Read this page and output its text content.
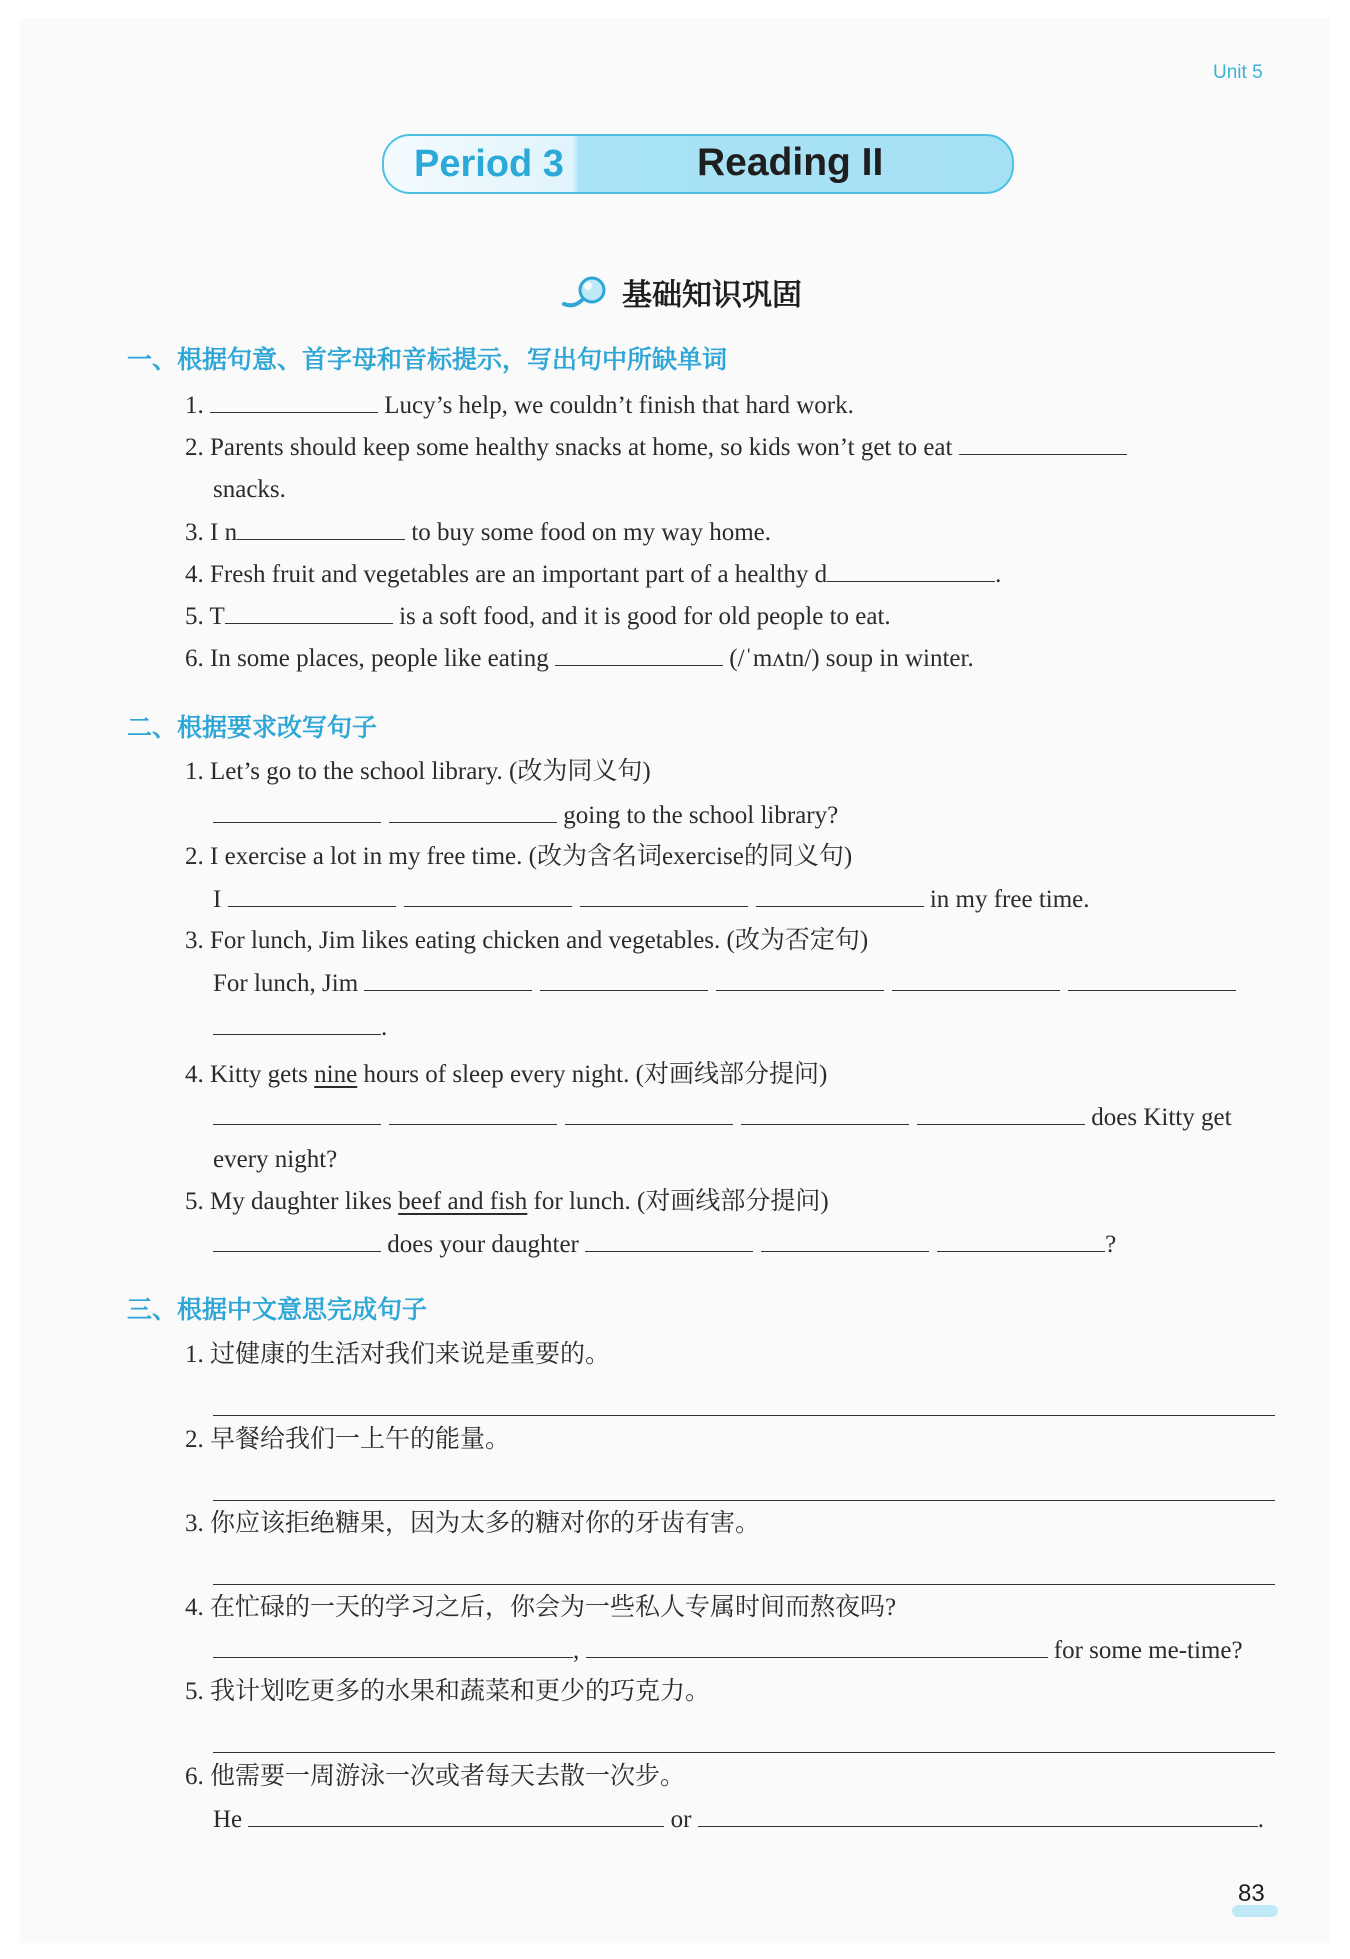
Unit 5
Period 3	Reading II
基础知识巩固
一、根据句意、首字母和音标提示，写出句中所缺单词
1.	Lucy’s help, we couldn’t finish that hard work.
2. Parents should keep some healthy snacks at home, so kids won’t get to eat
snacks.
3. I n	to buy some food on my way home.
4. Fresh fruit and vegetables are an important part of a healthy d	.
5. T	is a soft food, and it is good for old people to eat.
6. In some places, people like eating	(/ˈmʌtn/) soup in winter.
二、根据要求改写句子
1. Let’s go to the school library. (改为同义句)
going to the school library?
2. I exercise a lot in my free time. (改为含名词exercise的同义句)
I	in my free time.
3. For lunch, Jim likes eating chicken and vegetables. (改为否定句)
For lunch, Jim
.
4. Kitty gets nine hours of sleep every night. (对画线部分提问)
does Kitty get
every night?
5. My daughter likes beef and fish for lunch. (对画线部分提问)
does your daughter	?
三、根据中文意思完成句子
1. 过健康的生活对我们来说是重要的。
2. 早餐给我们一上午的能量。
3. 你应该拒绝糖果，因为太多的糖对你的牙齿有害。
4. 在忙碌的一天的学习之后，你会为一些私人专属时间而熬夜吗?
,	for some me-time?
5. 我计划吃更多的水果和蔬菜和更少的巧克力。
6. 他需要一周游泳一次或者每天去散一次步。
He	or	.
83
